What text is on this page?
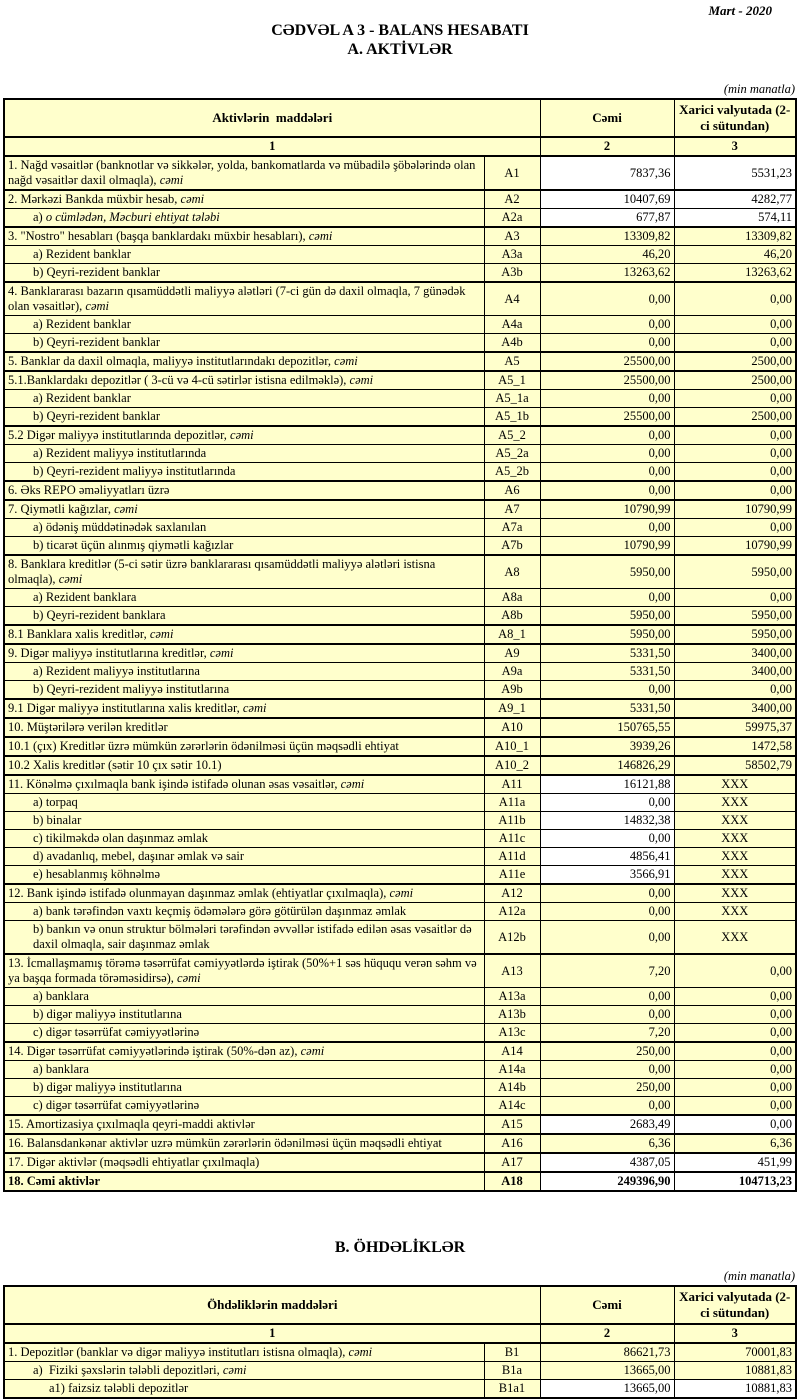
Mart - 2020
CƏDVƏL A 3 - BALANS HESABATI
A. AKTİVLƏR
(min manatla)
Aktivlərin  maddələri		Cəmi	Xarici valyutada (2-ci sütundan)
1		2	3
1. Nağd vəsaitlər (banknotlar və sikkələr, yolda, bankomatlarda və mübadilə şöbələrində olan nağd vəsaitlər daxil olmaqla), cəmi	A1	7837,36	5531,23
2. Mərkəzi Bankda müxbir hesab, cəmi	A2	10407,69	4282,77
a) o cümlədən, Məcburi ehtiyat tələbi	A2a	677,87	574,11
3. "Nostro" hesabları (başqa banklardakı müxbir hesabları), cəmi	A3	13309,82	13309,82
a) Rezident banklar	A3a	46,20	46,20
b) Qeyri-rezident banklar	A3b	13263,62	13263,62
4. Banklararası bazarın qısamüddətli maliyyə alətləri (7-ci gün də daxil olmaqla, 7 günədək olan vəsaitlər), cəmi	A4	0,00	0,00
a) Rezident banklar	A4a	0,00	0,00
b) Qeyri-rezident banklar	A4b	0,00	0,00
5. Banklar da daxil olmaqla, maliyyə institutlarındakı depozitlər, cəmi	A5	25500,00	2500,00
5.1.Banklardakı depozitlər ( 3-cü və 4-cü sətirlər istisna edilməklə), cəmi	A5_1	25500,00	2500,00
a) Rezident banklar	A5_1a	0,00	0,00
b) Qeyri-rezident banklar	A5_1b	25500,00	2500,00
5.2 Digər maliyyə institutlarında depozitlər, cəmi	A5_2	0,00	0,00
a) Rezident maliyyə institutlarında	A5_2a	0,00	0,00
b) Qeyri-rezident maliyyə institutlarında	A5_2b	0,00	0,00
6. Əks REPO əməliyyatları üzrə	A6	0,00	0,00
7. Qiymətli kağızlar, cəmi	A7	10790,99	10790,99
a) ödəniş müddətinədək saxlanılan	A7a	0,00	0,00
b) ticarət üçün alınmış qiymətli kağızlar	A7b	10790,99	10790,99
8. Banklara kreditlər (5-ci sətir üzrə banklararası qısamüddətli maliyyə alətləri istisna olmaqla), cəmi	A8	5950,00	5950,00
a) Rezident banklara	A8a	0,00	0,00
b) Qeyri-rezident banklara	A8b	5950,00	5950,00
8.1 Banklara xalis kreditlər, cəmi	A8_1	5950,00	5950,00
9. Digər maliyyə institutlarına kreditlər, cəmi	A9	5331,50	3400,00
a) Rezident maliyyə institutlarına	A9a	5331,50	3400,00
b) Qeyri-rezident maliyyə institutlarına	A9b	0,00	0,00
9.1 Digər maliyyə institutlarına xalis kreditlər, cəmi	A9_1	5331,50	3400,00
10. Müştərilərə verilən kreditlər	A10	150765,55	59975,37
10.1 (çıx) Kreditlər üzrə mümkün zərərlərin ödənilməsi üçün məqsədli ehtiyat	A10_1	3939,26	1472,58
10.2 Xalis kreditlər (sətir 10 çıx sətir 10.1)	A10_2	146826,29	58502,79
11. Könəlmə çıxılmaqla bank işində istifadə olunan əsas vəsaitlər, cəmi	A11	16121,88	XXX
a) torpaq	A11a	0,00	XXX
b) binalar	A11b	14832,38	XXX
c) tikilməkdə olan daşınmaz əmlak	A11c	0,00	XXX
d) avadanlıq, mebel, daşınar əmlak və sair	A11d	4856,41	XXX
e) hesablanmış köhnəlmə	A11e	3566,91	XXX
12. Bank işində istifadə olunmayan daşınmaz əmlak (ehtiyatlar çıxılmaqla), cəmi	A12	0,00	XXX
a) bank tərəfindən vaxtı keçmiş ödəmələrə görə götürülən daşınmaz əmlak	A12a	0,00	XXX
b) bankın və onun struktur bölmələri tərəfindən əvvəllər istifadə edilən əsas vəsaitlər də daxil olmaqla, sair daşınmaz əmlak	A12b	0,00	XXX
13. İcmallaşmamış törəmə təsərrüfat cəmiyyətlərdə iştirak (50%+1 səs hüququ verən səhm və ya başqa formada törəməsidirsə), cəmi	A13	7,20	0,00
a) banklara	A13a	0,00	0,00
b) digər maliyyə institutlarına	A13b	0,00	0,00
c) digər təsərrüfat cəmiyyətlərinə	A13c	7,20	0,00
14. Digər təsərrüfat cəmiyyətlərində iştirak (50%-dən az), cəmi	A14	250,00	0,00
a) banklara	A14a	0,00	0,00
b) digər maliyyə institutlarına	A14b	250,00	0,00
c) digər təsərrüfat cəmiyyətlərinə	A14c	0,00	0,00
15. Amortizasiya çıxılmaqla qeyri-maddi aktivlər	A15	2683,49	0,00
16. Balansdankənar aktivlər uzrə mümkün zərərlərin ödənilməsi üçün məqsədli ehtiyat	A16	6,36	6,36
17. Digər aktivlər (məqsədli ehtiyatlar çıxılmaqla)	A17	4387,05	451,99
18. Cəmi aktivlər	A18	249396,90	104713,23
B. ÖHDƏLİKLƏR
(min manatla)
Öhdəliklərin maddələri		Cəmi	Xarici valyutada (2-ci sütundan)
1		2	3
1. Depozitlər (banklar və digər maliyyə institutları istisna olmaqla), cəmi	B1	86621,73	70001,83
a)  Fiziki şəxslərin tələbli depozitləri, cəmi	B1a	13665,00	10881,83
a1) faizsiz tələbli depozitlər	B1a1	13665,00	10881,83
